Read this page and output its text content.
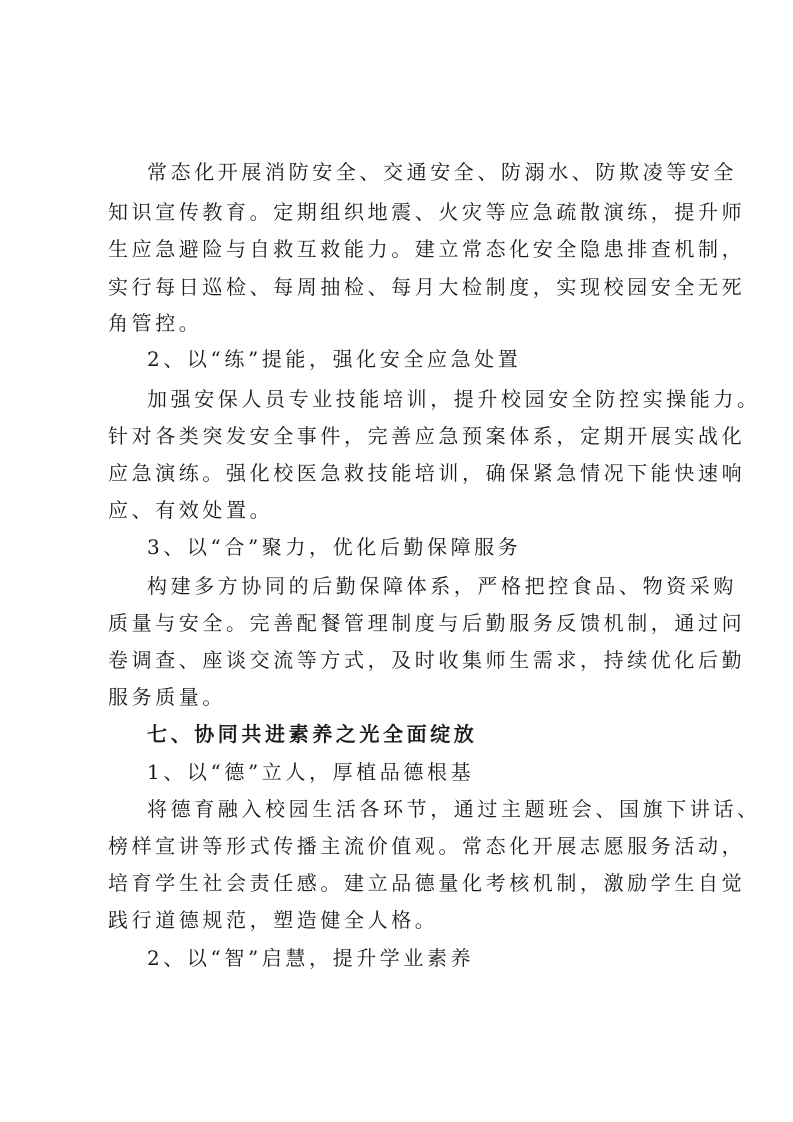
常态化开展消防安全、交通安全、防溺水、防欺凌等安全
知识宣传教育。定期组织地震、火灾等应急疏散演练，提升师
生应急避险与自救互救能力。建立常态化安全隐患排查机制，
实行每日巡检、每周抽检、每月大检制度，实现校园安全无死
角管控。
2、以“练”提能，强化安全应急处置
加强安保人员专业技能培训，提升校园安全防控实操能力。
针对各类突发安全事件，完善应急预案体系，定期开展实战化
应急演练。强化校医急救技能培训，确保紧急情况下能快速响
应、有效处置。
3、以“合”聚力，优化后勤保障服务
构建多方协同的后勤保障体系，严格把控食品、物资采购
质量与安全。完善配餐管理制度与后勤服务反馈机制，通过问
卷调查、座谈交流等方式，及时收集师生需求，持续优化后勤
服务质量。
七、协同共进素养之光全面绽放
1、以“德”立人，厚植品德根基
将德育融入校园生活各环节，通过主题班会、国旗下讲话、
榜样宣讲等形式传播主流价值观。常态化开展志愿服务活动，
培育学生社会责任感。建立品德量化考核机制，激励学生自觉
践行道德规范，塑造健全人格。
2、以“智”启慧，提升学业素养
